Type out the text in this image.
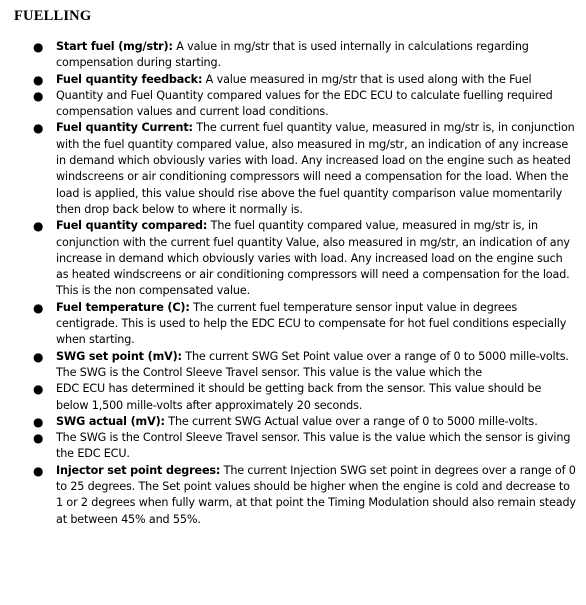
FUELLING
● Start fuel (mg/str): A value in mg/str that is used internally in calculations regarding compensation during starting.
● Fuel quantity feedback: A value measured in mg/str that is used along with the Fuel
● Quantity and Fuel Quantity compared values for the EDC ECU to calculate fuelling required compensation values and current load conditions.
● Fuel quantity Current: The current fuel quantity value, measured in mg/str is, in conjunction with the fuel quantity compared value, also measured in mg/str, an indication of any increase in demand which obviously varies with load. Any increased load on the engine such as heated windscreens or air conditioning compressors will need a compensation for the load. When the load is applied, this value should rise above the fuel quantity comparison value momentarily then drop back below to where it normally is.
● Fuel quantity compared: The fuel quantity compared value, measured in mg/str is, in conjunction with the current fuel quantity Value, also measured in mg/str, an indication of any increase in demand which obviously varies with load. Any increased load on the engine such as heated windscreens or air conditioning compressors will need a compensation for the load. This is the non compensated value.
● Fuel temperature (C): The current fuel temperature sensor input value in degrees centigrade. This is used to help the EDC ECU to compensate for hot fuel conditions especially when starting.
● SWG set point (mV): The current SWG Set Point value over a range of 0 to 5000 mille-volts. The SWG is the Control Sleeve Travel sensor. This value is the value which the
● EDC ECU has determined it should be getting back from the sensor. This value should be below 1,500 mille-volts after approximately 20 seconds.
● SWG actual (mV): The current SWG Actual value over a range of 0 to 5000 mille-volts.
● The SWG is the Control Sleeve Travel sensor. This value is the value which the sensor is giving the EDC ECU.
● Injector set point degrees: The current Injection SWG set point in degrees over a range of 0 to 25 degrees. The Set point values should be higher when the engine is cold and decrease to 1 or 2 degrees when fully warm, at that point the Timing Modulation should also remain steady at between 45% and 55%.
